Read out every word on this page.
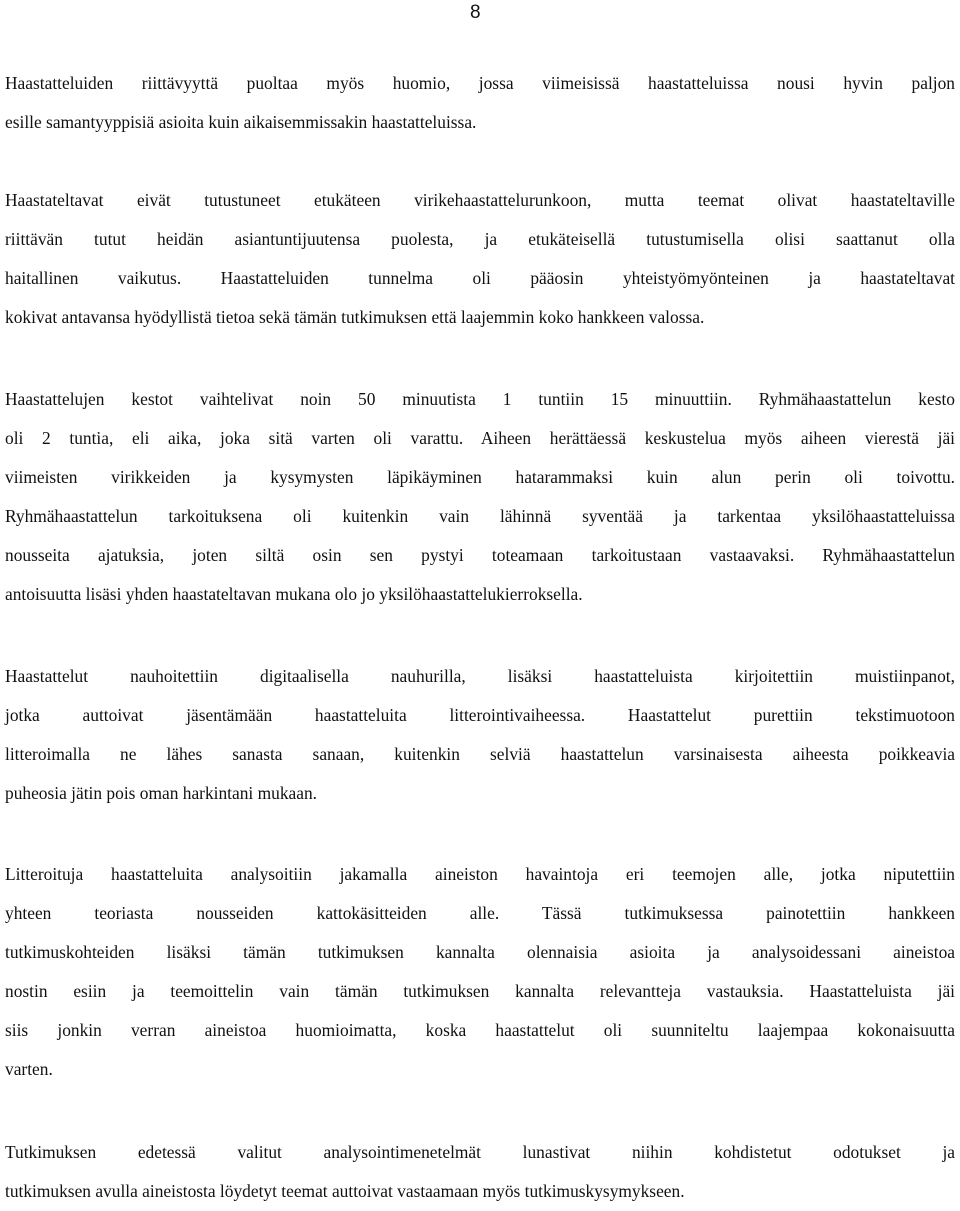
8
Haastatteluiden riittävyyttä puoltaa myös huomio, jossa viimeisissä haastatteluissa nousi hyvin paljon
esille samantyyppisiä asioita kuin aikaisemmissakin haastatteluissa.
Haastateltavat eivät tutustuneet etukäteen virikehaastattelurunkoon, mutta teemat olivat haastateltaville
riittävän tutut heidän asiantuntijuutensa puolesta, ja etukäteisellä tutustumisella olisi saattanut olla
haitallinen vaikutus. Haastatteluiden tunnelma oli pääosin yhteistyömyönteinen ja haastateltavat
kokivat antavansa hyödyllistä tietoa sekä tämän tutkimuksen että laajemmin koko hankkeen valossa.
Haastattelujen kestot vaihtelivat noin 50 minuutista 1 tuntiin 15 minuuttiin. Ryhmähaastattelun kesto
oli 2 tuntia, eli aika, joka sitä varten oli varattu. Aiheen herättäessä keskustelua myös aiheen vierestä jäi
viimeisten virikkeiden ja kysymysten läpikäyminen hatarammaksi kuin alun perin oli toivottu.
Ryhmähaastattelun tarkoituksena oli kuitenkin vain lähinnä syventää ja tarkentaa yksilöhaastatteluissa
nousseita ajatuksia, joten siltä osin sen pystyi toteamaan tarkoitustaan vastaavaksi. Ryhmähaastattelun
antoisuutta lisäsi yhden haastateltavan mukana olo jo yksilöhaastattelukierroksella.
Haastattelut nauhoitettiin digitaalisella nauhurilla, lisäksi haastatteluista kirjoitettiin muistiinpanot,
jotka auttoivat jäsentämään haastatteluita litterointivaiheessa. Haastattelut purettiin tekstimuotoon
litteroimalla ne lähes sanasta sanaan, kuitenkin selviä haastattelun varsinaisesta aiheesta poikkeavia
puheosia jätin pois oman harkintani mukaan.
Litteroituja haastatteluita analysoitiin jakamalla aineiston havaintoja eri teemojen alle, jotka niputettiin
yhteen teoriasta nousseiden kattokäsitteiden alle. Tässä tutkimuksessa painotettiin hankkeen
tutkimuskohteiden lisäksi tämän tutkimuksen kannalta olennaisia asioita ja analysoidessani aineistoa
nostin esiin ja teemoittelin vain tämän tutkimuksen kannalta relevantteja vastauksia. Haastatteluista jäi
siis jonkin verran aineistoa huomioimatta, koska haastattelut oli suunniteltu laajempaa kokonaisuutta
varten.
Tutkimuksen edetessä valitut analysointimenetelmät lunastivat niihin kohdistetut odotukset ja
tutkimuksen avulla aineistosta löydetyt teemat auttoivat vastaamaan myös tutkimuskysymykseen.
